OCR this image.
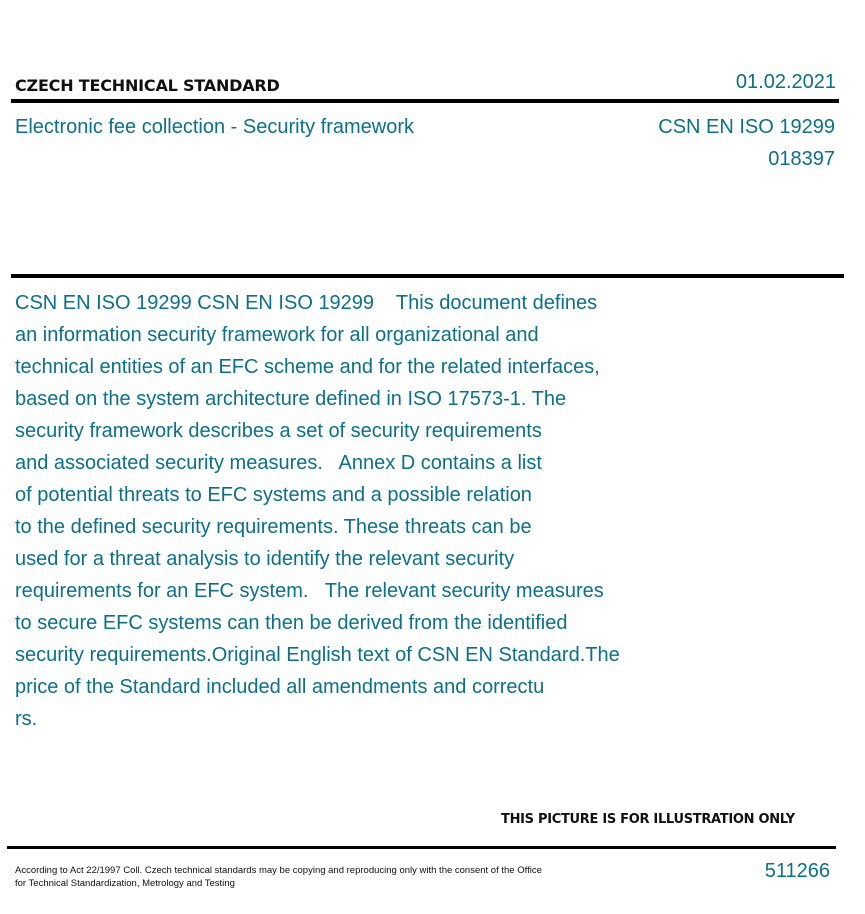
CZECH TECHNICAL STANDARD	01.02.2021
Electronic fee collection - Security framework	CSN EN ISO 19299
018397
CSN EN ISO 19299 CSN EN ISO 19299    This document defines
an information security framework for all organizational and
technical entities of an EFC scheme and for the related interfaces,
based on the system architecture defined in ISO 17573-1. The
security framework describes a set of security requirements
and associated security measures.   Annex D contains a list
of potential threats to EFC systems and a possible relation
to the defined security requirements. These threats can be
used for a threat analysis to identify the relevant security
requirements for an EFC system.   The relevant security measures
to secure EFC systems can then be derived from the identified
security requirements.Original English text of CSN EN Standard.The
price of the Standard included all amendments and correctu
rs.
THIS PICTURE IS FOR ILLUSTRATION ONLY
According to Act 22/1997 Coll. Czech technical standards may be copying and reproducing only with the consent of the Office
for Technical Standardization, Metrology and Testing
511266
